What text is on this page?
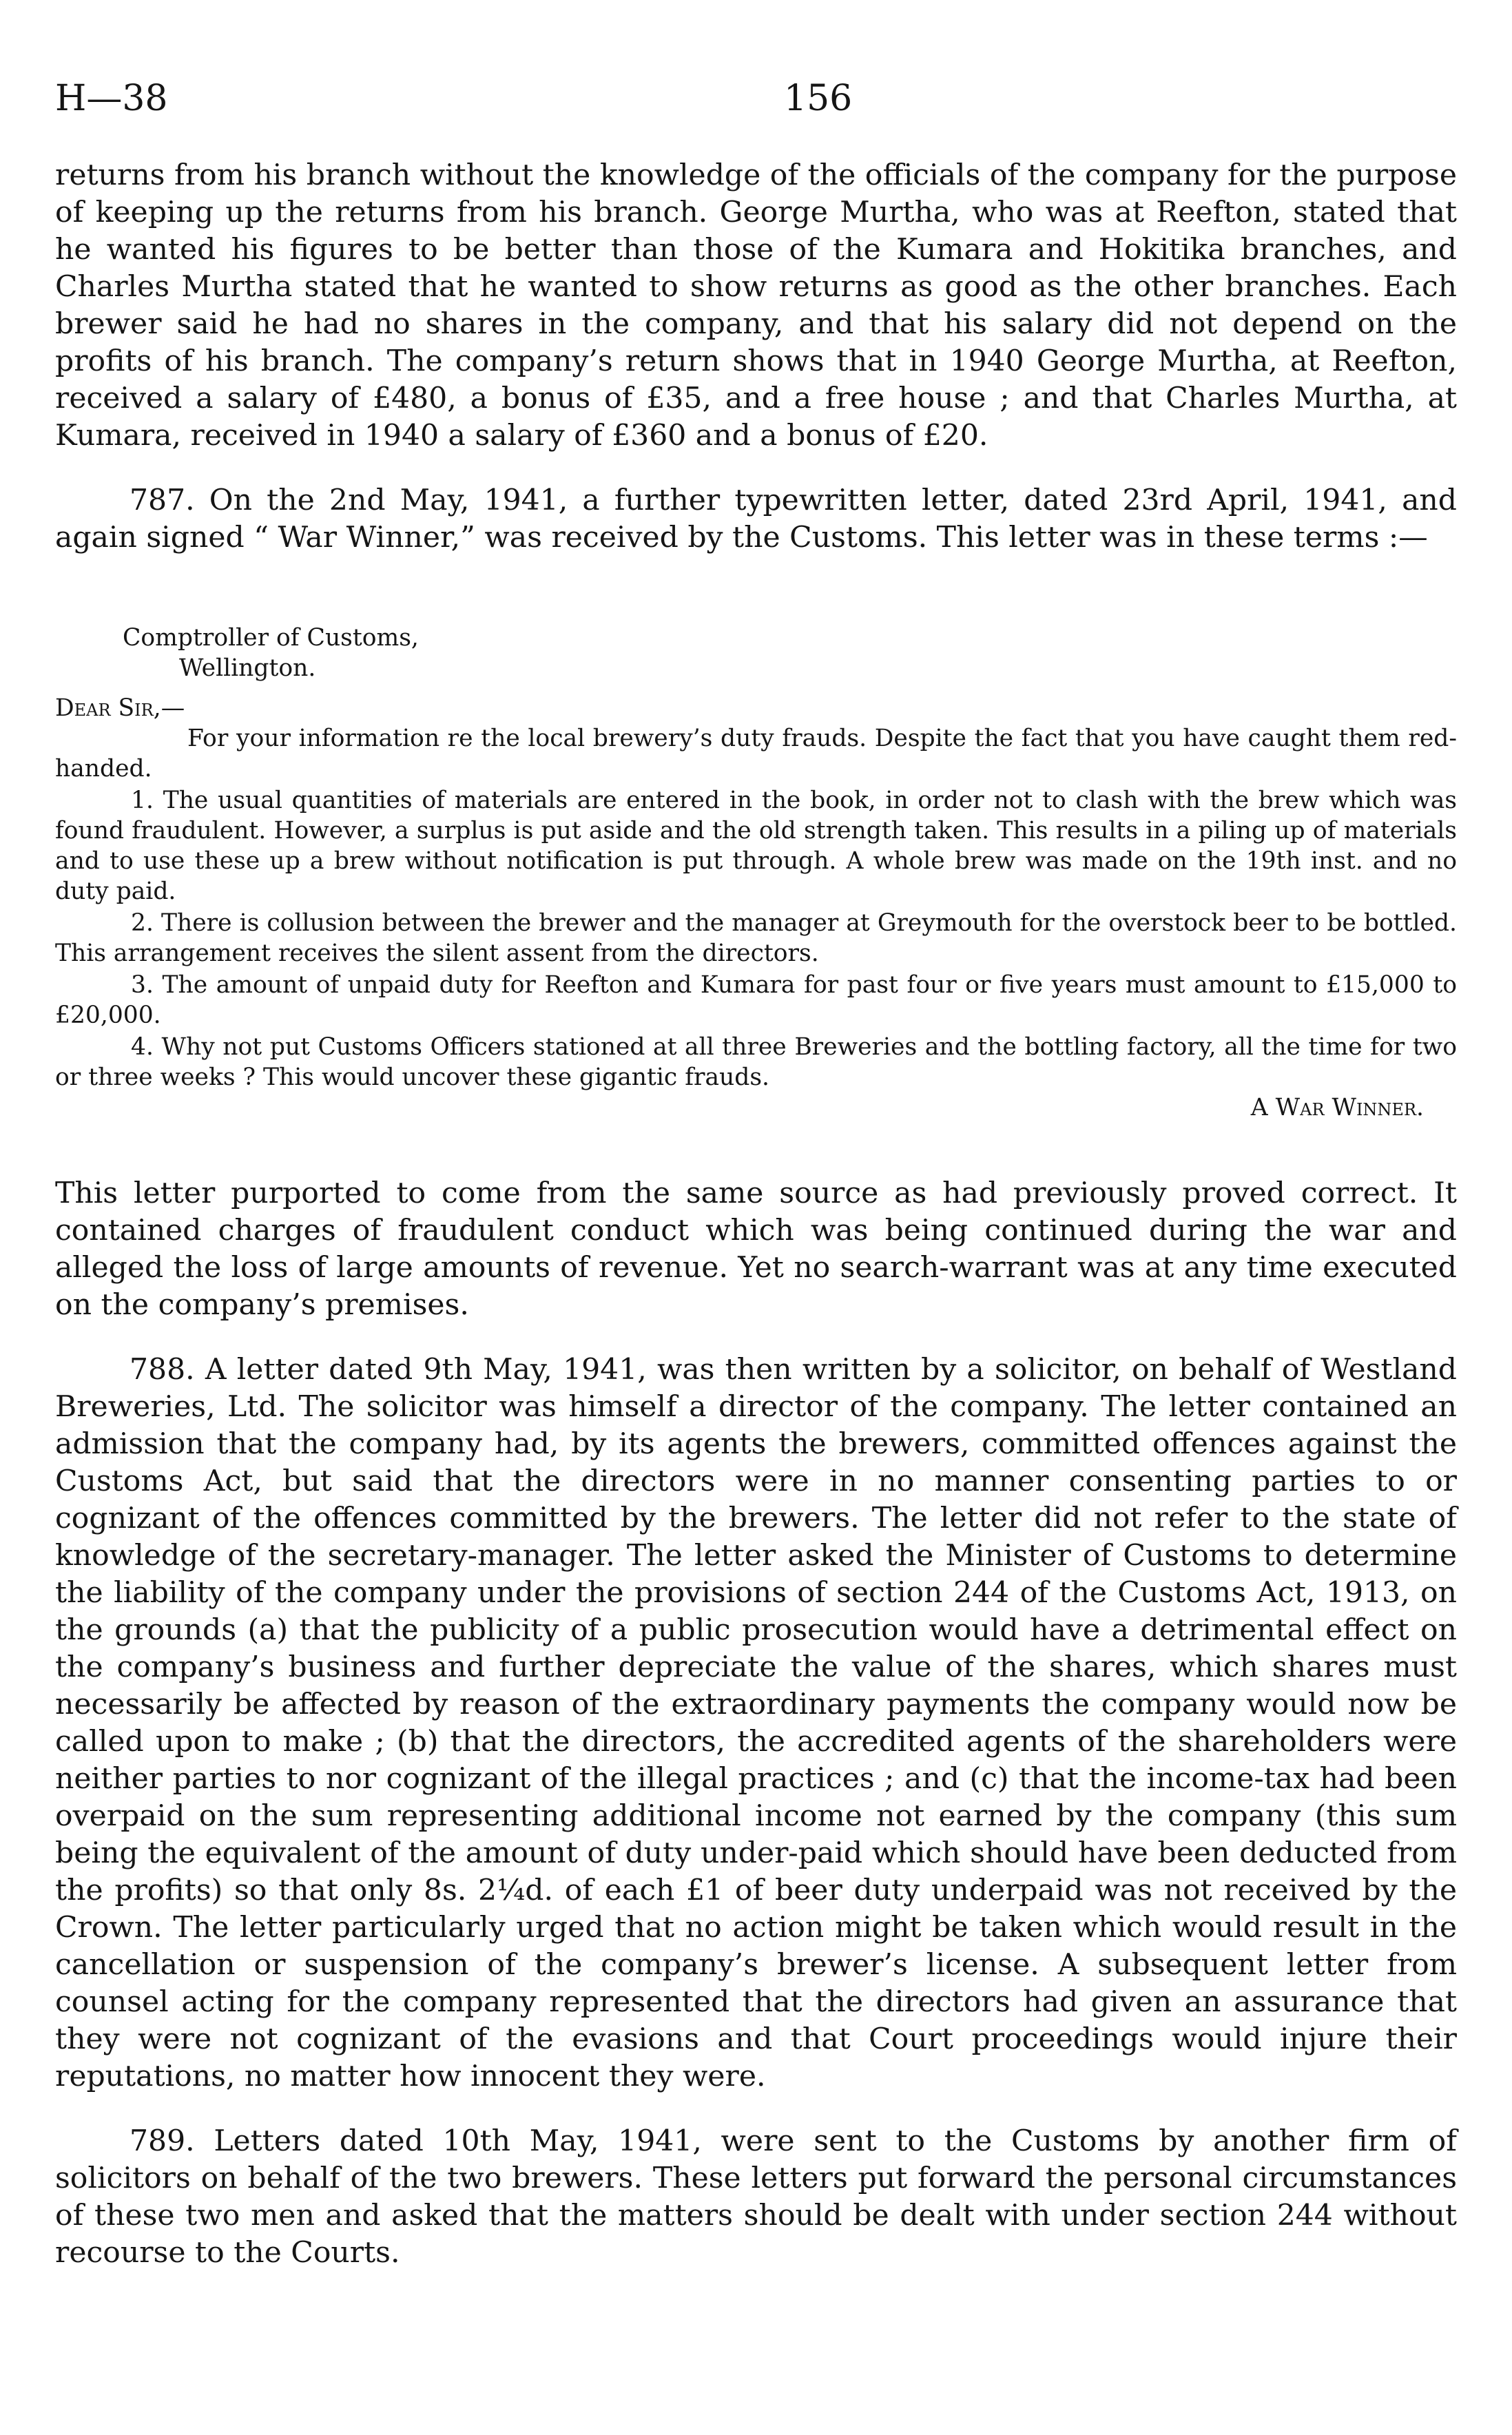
H—38	156

returns from his branch without the knowledge of the officials of the company for the purpose of keeping up the returns from his branch. George Murtha, who was at Reefton, stated that he wanted his figures to be better than those of the Kumara and Hokitika branches, and Charles Murtha stated that he wanted to show returns as good as the other branches. Each brewer said he had no shares in the company, and that his salary did not depend on the profits of his branch. The company’s return shows that in 1940 George Murtha, at Reefton, received a salary of £480, a bonus of £35, and a free house ; and that Charles Murtha, at Kumara, received in 1940 a salary of £360 and a bonus of £20.

787. On the 2nd May, 1941, a further typewritten letter, dated 23rd April, 1941, and again signed “ War Winner,” was received by the Customs. This letter was in these terms :—

Comptroller of Customs,

Wellington.

Dear Sir,—

For your information re the local brewery’s duty frauds. Despite the fact that you have caught them red-handed.

1. The usual quantities of materials are entered in the book, in order not to clash with the brew which was found fraudulent. However, a surplus is put aside and the old strength taken. This results in a piling up of materials and to use these up a brew without notification is put through. A whole brew was made on the 19th inst. and no duty paid.

2. There is collusion between the brewer and the manager at Greymouth for the overstock beer to be bottled. This arrangement receives the silent assent from the directors.

3. The amount of unpaid duty for Reefton and Kumara for past four or five years must amount to £15,000 to £20,000.

4. Why not put Customs Officers stationed at all three Breweries and the bottling factory, all the time for two or three weeks ? This would uncover these gigantic frauds.

A War Winner.

This letter purported to come from the same source as had previously proved correct. It contained charges of fraudulent conduct which was being continued during the war and alleged the loss of large amounts of revenue. Yet no search-warrant was at any time executed on the company’s premises.

788. A letter dated 9th May, 1941, was then written by a solicitor, on behalf of Westland Breweries, Ltd. The solicitor was himself a director of the company. The letter contained an admission that the company had, by its agents the brewers, committed offences against the Customs Act, but said that the directors were in no manner consenting parties to or cognizant of the offences committed by the brewers. The letter did not refer to the state of knowledge of the secretary-manager. The letter asked the Minister of Customs to determine the liability of the company under the provisions of section 244 of the Customs Act, 1913, on the grounds (a) that the publicity of a public prosecution would have a detrimental effect on the company’s business and further depreciate the value of the shares, which shares must necessarily be affected by reason of the extraordinary payments the company would now be called upon to make ; (b) that the directors, the accredited agents of the shareholders were neither parties to nor cognizant of the illegal practices ; and (c) that the income-tax had been overpaid on the sum representing additional income not earned by the company (this sum being the equivalent of the amount of duty under-paid which should have been deducted from the profits) so that only 8s. 2¼d. of each £1 of beer duty underpaid was not received by the Crown. The letter particularly urged that no action might be taken which would result in the cancellation or suspension of the company’s brewer’s license. A subsequent letter from counsel acting for the company represented that the directors had given an assurance that they were not cognizant of the evasions and that Court proceedings would injure their reputations, no matter how innocent they were.

789. Letters dated 10th May, 1941, were sent to the Customs by another firm of solicitors on behalf of the two brewers. These letters put forward the personal circumstances of these two men and asked that the matters should be dealt with under section 244 without recourse to the Courts.
